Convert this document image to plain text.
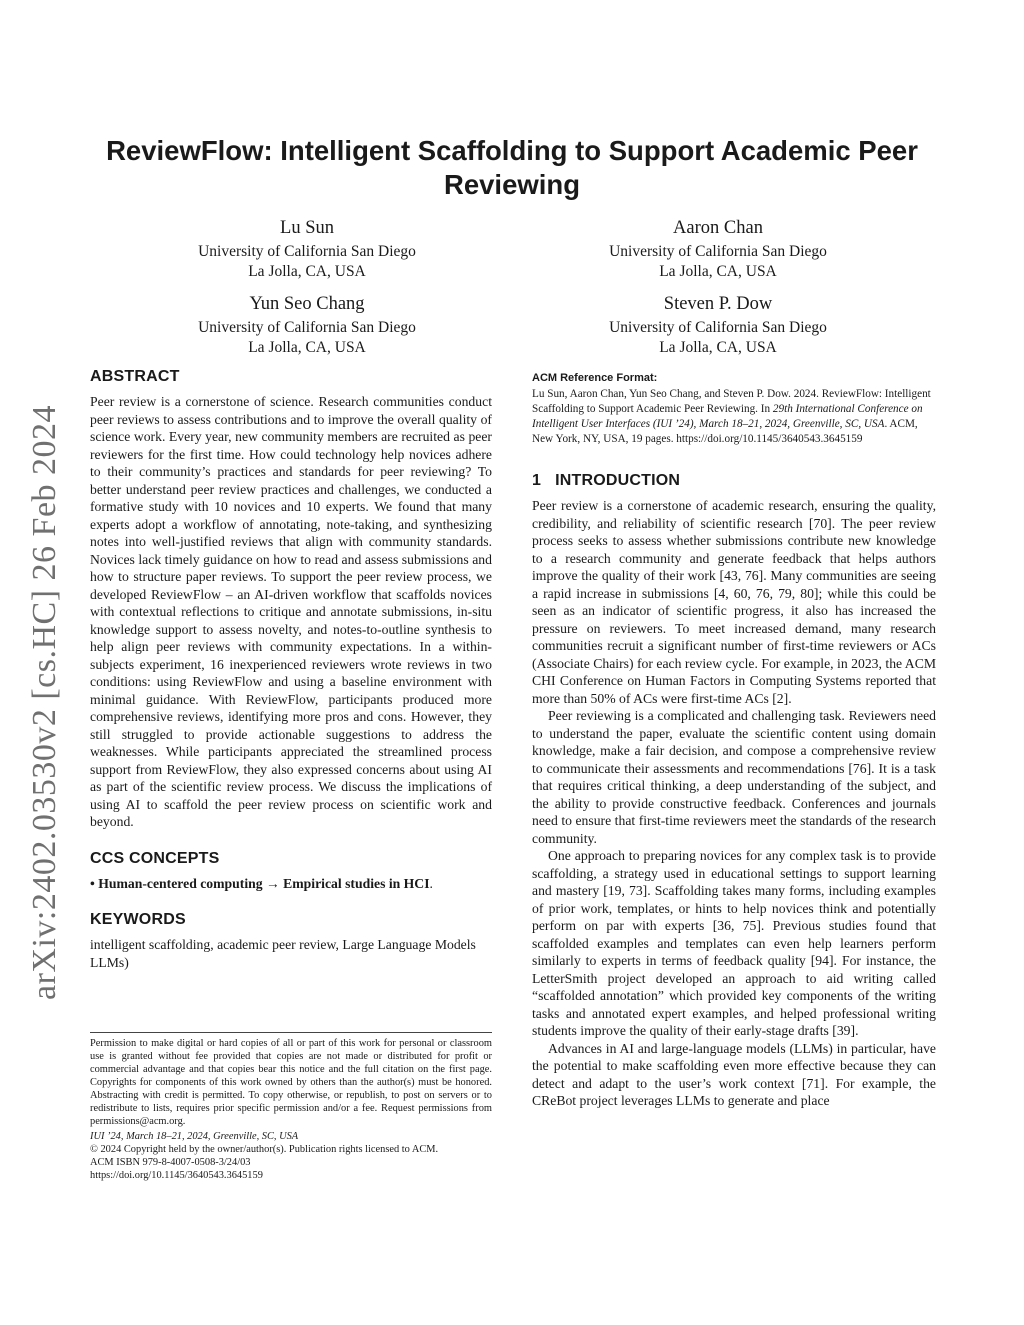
arXiv:2402.03530v2 [cs.HC] 26 Feb 2024
ReviewFlow: Intelligent Scaffolding to Support Academic Peer Reviewing
Lu Sun
University of California San Diego
La Jolla, CA, USA
Aaron Chan
University of California San Diego
La Jolla, CA, USA
Yun Seo Chang
University of California San Diego
La Jolla, CA, USA
Steven P. Dow
University of California San Diego
La Jolla, CA, USA
ABSTRACT

Peer review is a cornerstone of science. Research communities conduct peer reviews to assess contributions and to improve the overall quality of science work. Every year, new community members are recruited as peer reviewers for the first time. How could technology help novices adhere to their community’s practices and standards for peer reviewing? To better understand peer review practices and challenges, we conducted a formative study with 10 novices and 10 experts. We found that many experts adopt a workflow of annotating, note-taking, and synthesizing notes into well-justified reviews that align with community standards. Novices lack timely guidance on how to read and assess submissions and how to structure paper reviews. To support the peer review process, we developed ReviewFlow – an AI-driven workflow that scaffolds novices with contextual reflections to critique and annotate submissions, in-situ knowledge support to assess novelty, and notes-to-outline synthesis to help align peer reviews with community expectations. In a within-subjects experiment, 16 inexperienced reviewers wrote reviews in two conditions: using ReviewFlow and using a baseline environment with minimal guidance. With ReviewFlow, participants produced more comprehensive reviews, identifying more pros and cons. However, they still struggled to provide actionable suggestions to address the weaknesses. While participants appreciated the streamlined process support from ReviewFlow, they also expressed concerns about using AI as part of the scientific review process. We discuss the implications of using AI to scaffold the peer review process on scientific work and beyond.

CCS CONCEPTS

• Human-centered computing → Empirical studies in HCI.

KEYWORDS

intelligent scaffolding, academic peer review, Large Language Models LLMs)

Permission to make digital or hard copies of all or part of this work for personal or classroom use is granted without fee provided that copies are not made or distributed for profit or commercial advantage and that copies bear this notice and the full citation on the first page. Copyrights for components of this work owned by others than the author(s) must be honored. Abstracting with credit is permitted. To copy otherwise, or republish, to post on servers or to redistribute to lists, requires prior specific permission and/or a fee. Request permissions from permissions@acm.org.

IUI ’24, March 18–21, 2024, Greenville, SC, USA

© 2024 Copyright held by the owner/author(s). Publication rights licensed to ACM.

ACM ISBN 979-8-4007-0508-3/24/03

https://doi.org/10.1145/3640543.3645159

ACM Reference Format:

Lu Sun, Aaron Chan, Yun Seo Chang, and Steven P. Dow. 2024. ReviewFlow: Intelligent Scaffolding to Support Academic Peer Reviewing. In 29th International Conference on Intelligent User Interfaces (IUI ’24), March 18–21, 2024, Greenville, SC, USA. ACM, New York, NY, USA, 19 pages. https://doi.org/10.1145/3640543.3645159

1 INTRODUCTION

Peer review is a cornerstone of academic research, ensuring the quality, credibility, and reliability of scientific research [70]. The peer review process seeks to assess whether submissions contribute new knowledge to a research community and generate feedback that helps authors improve the quality of their work [43, 76]. Many communities are seeing a rapid increase in submissions [4, 60, 76, 79, 80]; while this could be seen as an indicator of scientific progress, it also has increased the pressure on reviewers. To meet increased demand, many research communities recruit a significant number of first-time reviewers or ACs (Associate Chairs) for each review cycle. For example, in 2023, the ACM CHI Conference on Human Factors in Computing Systems reported that more than 50% of ACs were first-time ACs [2].

Peer reviewing is a complicated and challenging task. Reviewers need to understand the paper, evaluate the scientific content using domain knowledge, make a fair decision, and compose a comprehensive review to communicate their assessments and recommendations [76]. It is a task that requires critical thinking, a deep understanding of the subject, and the ability to provide constructive feedback. Conferences and journals need to ensure that first-time reviewers meet the standards of the research community.

One approach to preparing novices for any complex task is to provide scaffolding, a strategy used in educational settings to support learning and mastery [19, 73]. Scaffolding takes many forms, including examples of prior work, templates, or hints to help novices think and potentially perform on par with experts [36, 75]. Previous studies found that scaffolded examples and templates can even help learners perform similarly to experts in terms of feedback quality [94]. For instance, the LetterSmith project developed an approach to aid writing called “scaffolded annotation” which provided key components of the writing tasks and annotated expert examples, and helped professional writing students improve the quality of their early-stage drafts [39].

Advances in AI and large-language models (LLMs) in particular, have the potential to make scaffolding even more effective because they can detect and adapt to the user’s work context [71]. For example, the CReBot project leverages LLMs to generate and place
